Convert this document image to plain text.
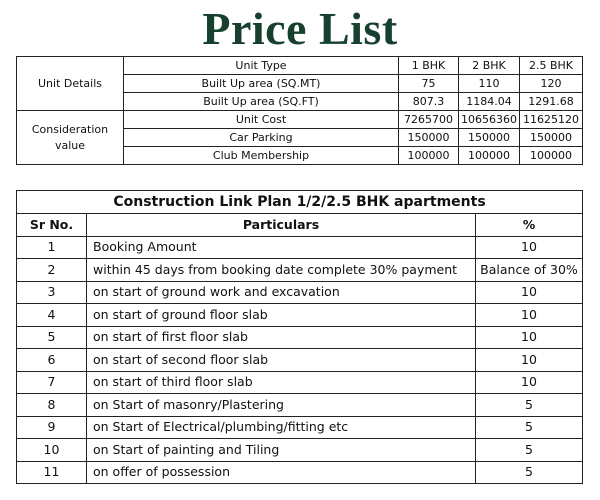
Price List
Unit Details	Unit Type	1 BHK	2 BHK	2.5 BHK
	Built Up area (SQ.MT)	75	110	120
	Built Up area (SQ.FT)	807.3	1184.04	1291.68
Consideration value	Unit Cost	7265700	10656360	11625120
	Car Parking	150000	150000	150000
	Club Membership	100000	100000	100000
Construction Link Plan 1/2/2.5 BHK apartments		
Sr No.	Particulars	%
1	Booking Amount	10
2	within 45 days from booking date complete 30% payment	Balance of 30%
3	on start of ground work and excavation	10
4	on start of ground floor slab	10
5	on start of first floor slab	10
6	on start of second floor slab	10
7	on start of third floor slab	10
8	on Start of masonry/Plastering	5
9	on Start of Electrical/plumbing/fitting etc	5
10	on Start of painting and Tiling	5
11	on offer of possession	5
